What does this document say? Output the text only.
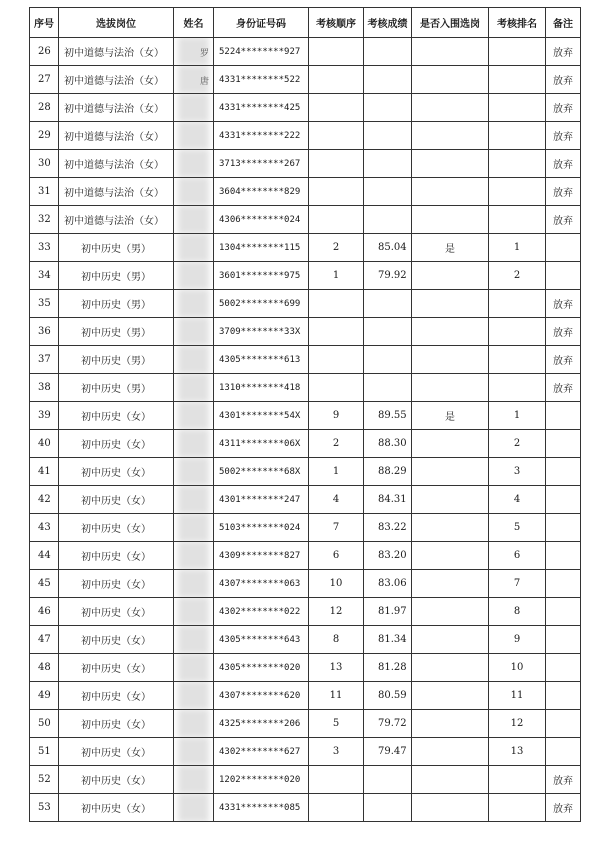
序号	选拔岗位	姓名	身份证号码	考核顺序	考核成绩	是否入围选岗	考核排名	备注
26	初中道德与法治（女）	罗	5224********927					放弃
27	初中道德与法治（女）	唐	4331********522					放弃
28	初中道德与法治（女）		4331********425					放弃
29	初中道德与法治（女）		4331********222					放弃
30	初中道德与法治（女）		3713********267					放弃
31	初中道德与法治（女）		3604********829					放弃
32	初中道德与法治（女）		4306********024					放弃
33	初中历史（男）		1304********115	2	85.04	是	1	
34	初中历史（男）		3601********975	1	79.92		2	
35	初中历史（男）		5002********699					放弃
36	初中历史（男）		3709********33X					放弃
37	初中历史（男）		4305********613					放弃
38	初中历史（男）		1310********418					放弃
39	初中历史（女）		4301********54X	9	89.55	是	1	
40	初中历史（女）		4311********06X	2	88.30		2	
41	初中历史（女）		5002********68X	1	88.29		3	
42	初中历史（女）		4301********247	4	84.31		4	
43	初中历史（女）		5103********024	7	83.22		5	
44	初中历史（女）		4309********827	6	83.20		6	
45	初中历史（女）		4307********063	10	83.06		7	
46	初中历史（女）		4302********022	12	81.97		8	
47	初中历史（女）		4305********643	8	81.34		9	
48	初中历史（女）		4305********020	13	81.28		10	
49	初中历史（女）		4307********620	11	80.59		11	
50	初中历史（女）		4325********206	5	79.72		12	
51	初中历史（女）		4302********627	3	79.47		13	
52	初中历史（女）		1202********020					放弃
53	初中历史（女）		4331********085					放弃
